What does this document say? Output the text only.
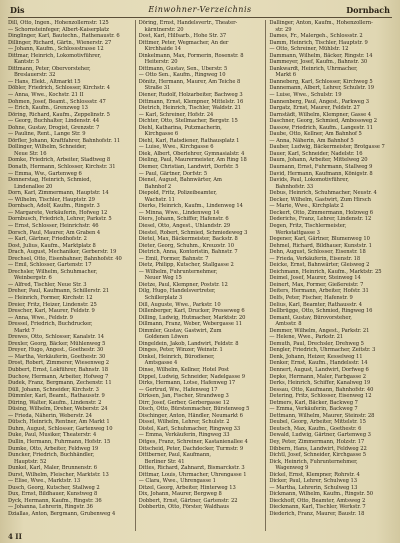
Dis	Einwohner-Verzeichnis	Dornbach
Dill, Otto, Ingen., Hohenzollernstr. 125
— Schornsteinfeger, Albert-Kaiserplatz
Dinglinger, Karl, Bautechn., Rathenaustr. 6
Dillinger, Richard, Gärtn., Wienerstr. 27
— Johann, Kaufm., Schlossstrasse 12
Dittmar, Heinrich, Lokomotivführer,
Kantstr. 5
Dittmann, Peter, Obervorsteher,
Breslauerstr. 32
— Hans, Elekt., Altmarkt 15
Döbler, Friedrich, Schlosser, Kirchstr. 4
— Anna, Wwe., Kochstr. 21 II
Dohmen, Josef, Beamt., Schlossstr. 47
— Erich, Kaufm., Grenzweg 13
Döring, Richard, Kaufm., Zeppelinstr. 5
— Georg, Buchhalter, Lindenstr. 44
Dohne, Gustav, Drogist, Grenzstr. 7
— Pauline, Rent., Lange Str. 9
Dörfler, Johann, Kraftfahrer, Bahnhofstr. 11
Dollinger, Wilhelm, Schneider,
Neue Str. 16
Domke, Friedrich, Arbeiter, Stadtweg 8
Donath, Hermann, Schlosser, Kirchstr. 31
— Emma, Ww., Gartenweg 6
Donnerstag, Heinrich, Schmied,
Lindenallee 20
Dorn, Karl, Zimmermann, Hauptstr. 14
— Wilhelm, Tischler, Hauptstr. 29
Dornbach, Adolf, Kaufm., Ringstr. 3
— Margarete, Verkäuferin, Hofweg 12
Dornbusch, Friedrich, Lehrer, Parkstr. 5
— Ernst, Schlosser, Heinrichstr. 46
Dorsch, Paul, Maurer, Am Graben 4
— Karl, Gärtner, Friedhofstr. 2
Dost, Julius, Kaufm., Marktplatz 8
Drach, August, Mechaniker, Gerberstr. 19
Drechsel, Otto, Eisenbahner, Bahnhofstr. 40
— Emil, Schlosser, Gartenstr. 17
Drechsler, Wilhelm, Schuhmacher,
Weinbergstr. 6
— Alfred, Tischler, Neue Str. 3
Dreher, Paul, Kaufmann, Schillerstr. 21
— Heinrich, Former, Kirchstr. 12
Dreier, Fritz, Heizer, Lindenstr. 25
Drescher, Karl, Maurer, Feldstr. 9
— Anna, Wwe., Feldstr. 9
Dressel, Friedrich, Buchdrucker,
Markt 7
Drewes, Otto, Schlosser, Kanalstr. 14
Drexler, Georg, Bäcker, Mühlenweg 5
Dreyer, Hugo, Angest., Goethestr. 30
— Martha, Verkäuferin, Goethestr. 30
Drost, Robert, Zimmerer, Wiesenweg 2
Dubbert, Ernst, Lokführer, Bahnstr. 18
Duchow, Hermann, Arbeiter, Hofweg 7
Dudek, Franz, Bergmann, Zechenstr. 11
Düll, Johann, Schneider, Kirchstr. 3
Dümmler, Karl, Beamt., Rathausstr. 9
Düring, Walter, Kaufm., Lindenstr. 2
Düsing, Wilhelm, Dreher, Weberstr. 24
— Frieda, Näherin, Weberstr. 24
Dütsch, Heinrich, Rentner, Am Markt 1
Duhm, August, Schlosser, Gartenweg 10
Duke, Paul, Musiker, Theaterstr. 4
Dullin, Hermann, Fuhrmann, Hofstr. 15
Dumke, Otto, Arbeiter, Feldweg 19
Duncker, Friedrich, Buchhändler,
Hauptstr. 52
Dunkel, Karl, Maler, Brunnenstr. 6
Durst, Wilhelm, Fleischer, Marktstr. 13
— Elise, Wwe., Marktstr. 13
Dusch, Georg, Kutscher, Stallweg 2
Dux, Ernst, Bildhauer, Kunstweg 8
Dyck, Hermann, Kaufm., Ringstr. 36
— Johanna, Lehrerin, Ringstr. 36
Dziallas, Anton, Bergmann, Grubenweg 4
Döring, Ernst, Handelsvertr., Theater-
kärntnerstr. 20
Dost, Karl, Hilfsarb., Hohe Str. 37
Dittmer, Peter, Wegmacher, An der
Kirchhaide 14
Dinkelmann, Max, Formerin, Rosenstr. 8
Heiterstr. 20
Dittmann, Gustav, Sen., Überstr. 5
— Otto Sen., Kaufm., Ringweg 10
Dönitz, Hermann, Maurer, Am Teiche 8
Straße 31
Diener, Rudolf, Holzarbeiter, Bachweg 3
Dittmann, Ernst, Klempner, Mittelstr. 16
Dietrich, Heinrich, Tischler, Waldstr. 21
— Karl, Schreiner, Hofstr. 24
Dichter, Otto, Stellmacher, Bergstr. 15
Diehl, Katharina, Putzmacherin,
Kirchgasse 6
Diehl, Karl, Ratsdiener, Rathausplatz 1
— Luise, Wwe., Kirchgasse 6
Diek, Albert, Oberlehrer, Gymnasialstr. 4
Dieling, Paul, Maurermeister, Am Ring 18
Diemer, Christian, Landwirt, Dorfstr. 5
— Paul, Gärtner, Dorfstr. 5
Dienel, August, Bahnwärter, Am
Bahnhof 2
Diepold, Fritz, Polizeibeamter,
Wachstr. 11
Dierks, Heinrich, Kaufm., Lindenweg 14
— Minna, Wwe., Lindenweg 14
Diers, Johann, Schiffer, Hafenstr. 6
Diesel, Otto, Angest., Uhlandstr. 29
Diestel, Robert, Schmied, Schmiedeweg 3
Dietel, Max, Bäckermeister, Backstr. 8
Dieter, Georg, Schuhm., Kreuzstr. 10
Dietrich, Anna, Kontoristin, Bahnstr. 7
— Emil, Former, Bahnstr. 7
Dietz, Philipp, Kutscher, Stallgasse 2
— Wilhelm, Fuhrunternehmer,
Neuer Weg 15
Dietze, Paul, Klempner, Poststr. 12
Dilg, Hugo, Handelsvertreter,
Schillerplatz 3
Dill, Auguste, Wwe., Parkstr. 10
Dillenberger, Karl, Drucker, Presseweg 6
Dilling, Ludwig, Hutmacher, Marktstr. 20
Dillmann, Franz, Weber, Webergasse 11
Dimmler, Gustav, Gastwirt, Zum
Goldenen Löwen
Dingeldein, Jakob, Landwirt, Feldstr. 8
Dinges, Peter, Winzer, Weinstr. 1
Dinkel, Heinrich, Bürodiener,
Amtsgasse 4
Dinse, Wilhelm, Kellner, Hotel Post
Dippel, Ludwig, Schneider, Nadelgasse 9
Dirks, Hermann, Lotse, Hafenweg 17
— Gertrud, Ww., Hafenweg 17
Dirksen, Jan, Fischer, Strandweg 3
Dirr, Josef, Gerber, Gerbergasse 12
Disch, Otto, Bürstenmacher, Bürstenweg 5
Dischinger, Anton, Händler, Neumarkt 6
Dissel, Wilhelm, Lehrer, Schulstr. 2
Distel, Karl, Schuhmacher, Ringweg 33
— Emma, Verkäuferin, Ringweg 33
Ditges, Franz, Schreiner, Kastanienallee 4
Ditscheid, Peter, Dachdecker, Turmstr. 9
Dittberner, Paul, Kaufmann,
Berliner Str. 41
Dittes, Richard, Zahnarzt, Bismarckstr. 3
Dittmar, Louis, Uhrmacher, Uhrengasse 1
— Clara, Wwe., Uhrengasse 1
Ditzel, Georg, Arbeiter, Hinterweg 13
Dix, Johann, Maurer, Bergweg 8
Dobbert, Ernst, Gärtner, Gartenstr. 22
Dobbertin, Otto, Förster, Waldhaus
Dallinger, Anton, Kaufm., Hohenzollern-
str. 29
Dames, Fr., Malergeh., Schlossstr. 2
Damm, Heinrich, Tischler, Hauptstr. 9
— Otto, Schreiner, Mühlstr. 12
Dammann, Wilhelm, Bäcker, Ringstr. 14
Dammeyer, Josef, Kaufm., Bahnstr. 30
Dankwardt, Heinrich, Uhrmacher,
Markt 6
Danneberg, Karl, Schlosser, Kirchweg 5
Dannemann, Albert, Lehrer, Schulstr. 19
— Luise, Wwe., Schulstr. 19
Dannenberg, Paul, Angest., Parkweg 3
Dargatz, Ernst, Maurer, Feldstr. 27
Darnstädt, Wilhelm, Klempner, Gasse 4
Daschner, Georg, Schmied, Ambossweg 2
Dassow, Friedrich, Kaufm., Langestr. 11
Daube, Otto, Kellner, Am Bahnhof 5
— Anna, Näherin, Am Bahnhof 5
Dauber, Ludwig, Bäckermeister, Brotgasse 7
Dauer, Karl, Schneider, Nadelstr. 16
Daum, Johann, Arbeiter, Mittelweg 20
Daumann, Ernst, Fuhrmann, Stallweg 9
David, Hermann, Kaufmann, Königstr. 8
Davids, Paul, Lokomotivführer,
Bahnhofstr. 33
Debus, Heinrich, Schuhmacher, Neustr. 4
Decker, Wilhelm, Gastwirt, Zum Hirsch
— Marie, Wwe., Kirchplatz 2
Deckert, Otto, Zimmermann, Holzweg 6
Dederichs, Franz, Lehrer, Lindenstr. 12
Degen, Fritz, Tischlermeister,
Werkstattgasse 3
Degener, Karl, Gärtner, Blumenweg 10
Dehmel, Richard, Bildhauer, Kunststr. 1
Dehn, August, Schlosser, Eisenstr. 18
— Frieda, Verkäuferin, Eisenstr. 18
Deicke, Ernst, Bahnwärter, Gleisweg 2
Deichmann, Heinrich, Kaufm., Marktstr. 25
Deimel, Josef, Maurer, Steinweg 14
Deinert, Max, Former, Gießereistr. 7
Deiters, Hermann, Arbeiter, Hofstr. 31
Delfs, Peter, Fischer, Hafenstr. 9
Delius, Karl, Beamter, Rathausstr. 4
Dellbrügge, Otto, Schmied, Ringweg 16
Demant, Gustav, Bürovorsteher,
Amtsstr. 8
Demmer, Wilhelm, Angest., Parkstr. 21
— Helene, Wwe., Parkstr. 21
Demuth, Paul, Drechsler, Drehweg 5
Dengler, Friedrich, Uhrmacher, Zeitstr. 3
Denk, Johann, Heizer, Kesselweg 11
Denker, Ernst, Kaufm., Handelsstr. 14
Dennert, August, Landwirt, Dorfweg 6
Depke, Hermann, Maler, Farbgasse 2
Derks, Heinrich, Schiffer, Kanalweg 19
Dessau, Otto, Kaufmann, Bahnhofstr. 40
Detering, Fritz, Schlosser, Eisenweg 12
Detmers, Karl, Bäcker, Backweg 7
— Emma, Verkäuferin, Backweg 7
Dettmann, Wilhelm, Maurer, Steinstr. 28
Deubel, Georg, Arbeiter, Mittelstr. 15
Deutsch, Max, Kaufm., Goethestr. 6
Dewald, Ludwig, Gärtner, Gartenweg 3
Dey, Peter, Zimmermann, Holzstr. 17
Dibbern, Hans, Landwirt, Feldweg 22
Dichtl, Josef, Schneider, Kirchgasse 5
Dick, Heinrich, Fuhrunternehmer,
Wagenweg 9
Dickel, Ernst, Klempner, Rohrstr. 4
Dicker, Paul, Lehrer, Schulweg 13
— Martha, Lehrerin, Schulweg 13
Dickmann, Wilhelm, Kaufm., Ringstr. 50
Dieckhoff, Otto, Beamter, Amtsweg 2
Dieckmann, Karl, Tischler, Werkstr. 7
Diederich, Franz, Maurer, Baustr. 18
4 II
